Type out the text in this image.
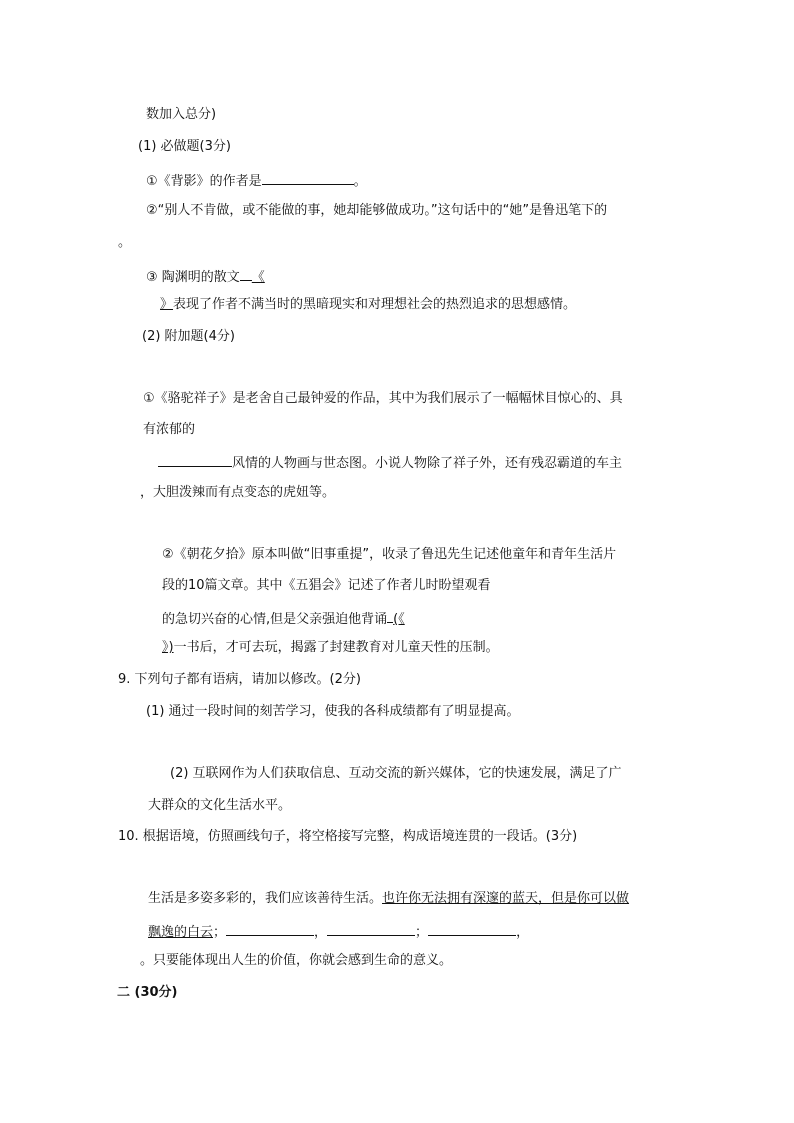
数加入总分)
(1) 必做题(3分)
①《背影》的作者是	。
②“别人不肯做，或不能做的事，她却能够做成功。”这句话中的“她”是鲁迅笔下的
。
③ 陶渊明的散文 《
》表现了作者不满当时的黑暗现实和对理想社会的热烈追求的思想感情。
(2) 附加题(4分)
①《骆驼祥子》是老舍自己最钟爱的作品，其中为我们展示了一幅幅怵目惊心的、具
有浓郁的
风情的人物画与世态图。小说人物除了祥子外，还有残忍霸道的车主
，大胆泼辣而有点变态的虎妞等。
②《朝花夕拾》原本叫做“旧事重提”，收录了鲁迅先生记述他童年和青年生活片
段的10篇文章。其中《五猖会》记述了作者儿时盼望观看
的急切兴奋的心情,但是父亲强迫他背诵 (《
》)一书后，才可去玩，揭露了封建教育对儿童天性的压制。
9. 下列句子都有语病，请加以修改。(2分)
(1) 通过一段时间的刻苦学习，使我的各科成绩都有了明显提高。
(2) 互联网作为人们获取信息、互动交流的新兴媒体，它的快速发展，满足了广
大群众的文化生活水平。
10. 根据语境，仿照画线句子，将空格接写完整，构成语境连贯的一段话。(3分)
生活是多姿多彩的，我们应该善待生活。也许你无法拥有深邃的蓝天，但是你可以做
飘逸的白云；	，	；	，
。只要能体现出人生的价值，你就会感到生命的意义。
二 (30分)
